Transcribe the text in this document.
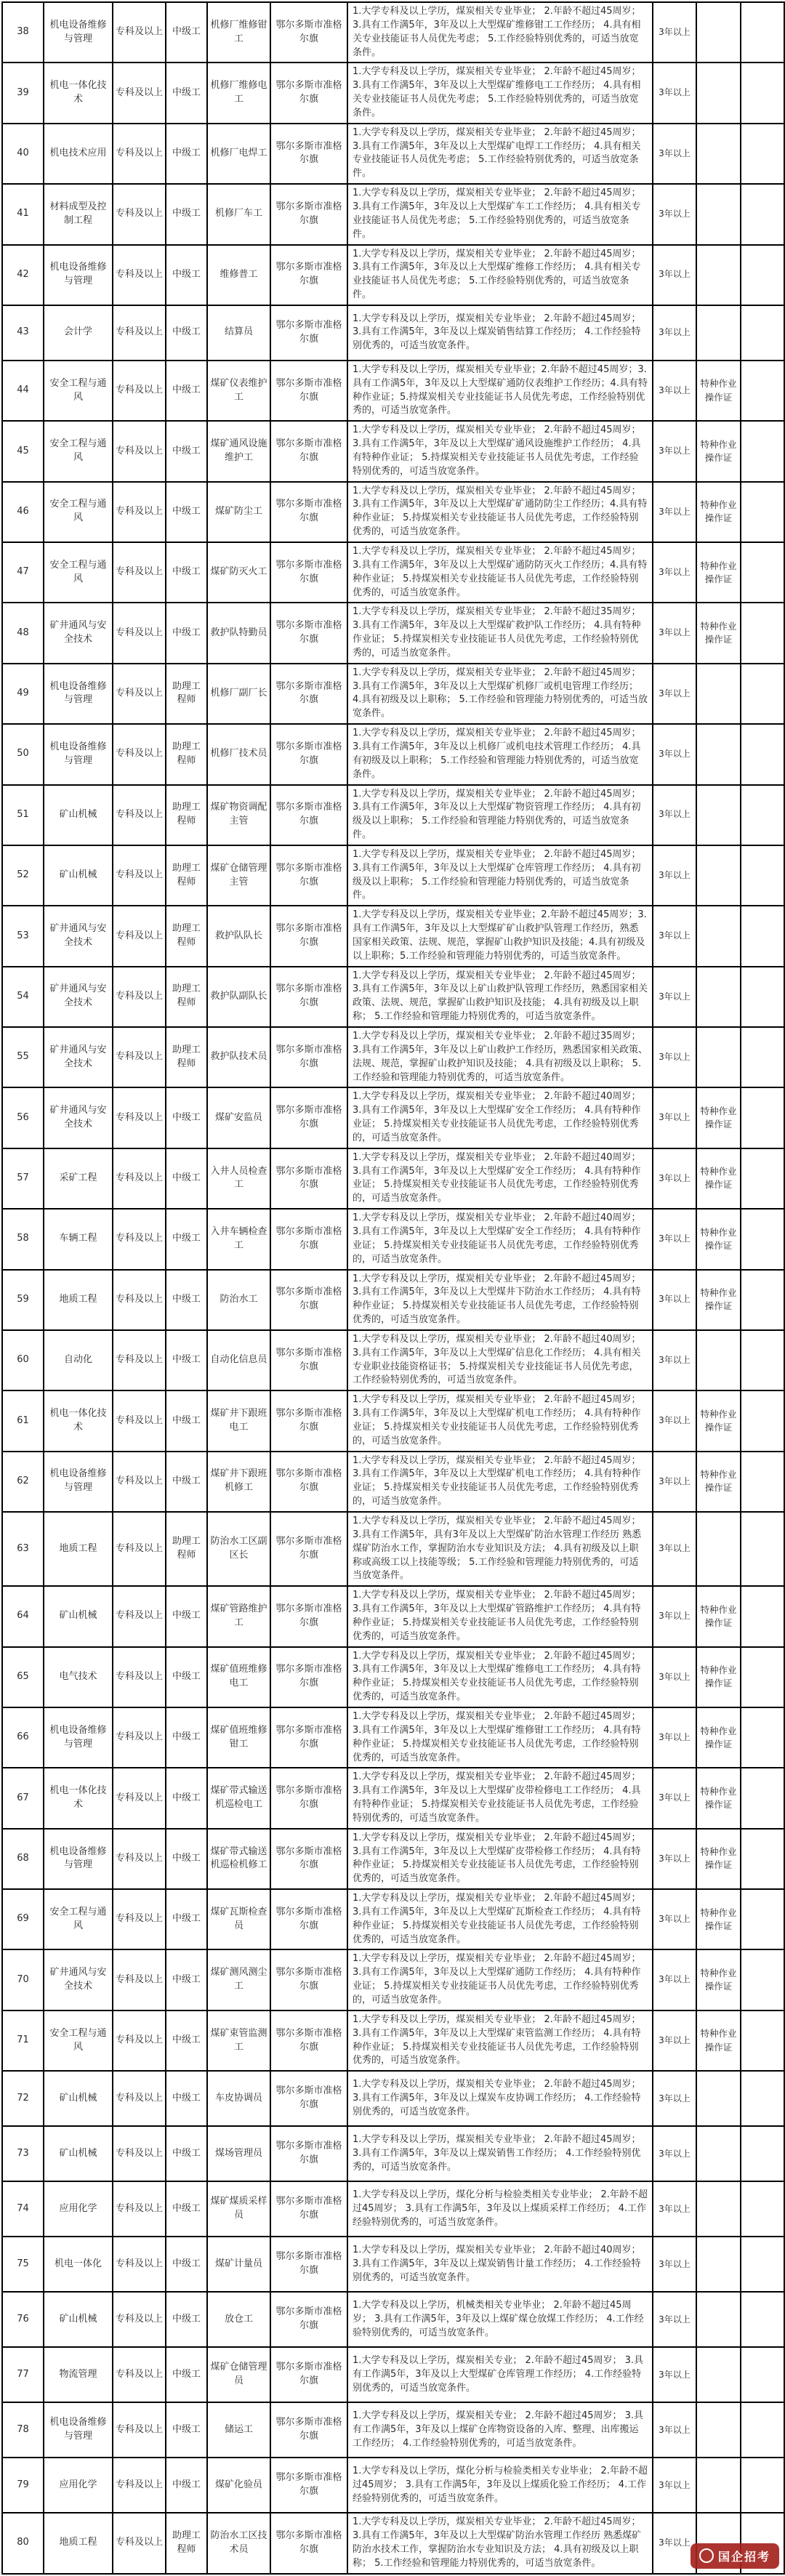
38	机电设备维修与管理	专科及以上	中级工	机修厂维修钳工	鄂尔多斯市准格尔旗	1.大学专科及以上学历，煤炭相关专业毕业； 2.年龄不超过45周岁； 3.具有工作满5年，3年及以上大型煤矿维修钳工工作经历； 4.具有相关专业技能证书人员优先考虑； 5.工作经验特别优秀的，可适当放宽条件。	3年以上		
39	机电一体化技术	专科及以上	中级工	机修厂维修电工	鄂尔多斯市准格尔旗	1.大学专科及以上学历，煤炭相关专业毕业； 2.年龄不超过45周岁； 3.具有工作满5年，3年及以上大型煤矿维修电工工作经历； 4.具有相关专业技能证书人员优先考虑； 5.工作经验特别优秀的，可适当放宽条件。	3年以上		
40	机电技术应用	专科及以上	中级工	机修厂电焊工	鄂尔多斯市准格尔旗	1.大学专科及以上学历，煤炭相关专业毕业； 2.年龄不超过45周岁； 3.具有工作满5年，3年及以上大型煤矿电焊工工作经历； 4.具有相关专业技能证书人员优先考虑； 5.工作经验特别优秀的，可适当放宽条件。	3年以上		
41	材料成型及控制工程	专科及以上	中级工	机修厂车工	鄂尔多斯市准格尔旗	1.大学专科及以上学历，煤炭相关专业毕业； 2.年龄不超过45周岁； 3.具有工作满5年，3年及以上大型煤矿车工工作经历； 4.具有相关专业技能证书人员优先考虑； 5.工作经验特别优秀的，可适当放宽条件。	3年以上		
42	机电设备维修与管理	专科及以上	中级工	维修普工	鄂尔多斯市准格尔旗	1.大学专科及以上学历，煤炭相关专业毕业； 2.年龄不超过45周岁； 3.具有工作满5年，3年及以上大型煤矿维修工作经历； 4.具有相关专业技能证书人员优先考虑； 5.工作经验特别优秀的，可适当放宽条件。	3年以上		
43	会计学	专科及以上	中级工	结算员	鄂尔多斯市准格尔旗	1.大学专科及以上学历，煤炭相关专业毕业； 2.年龄不超过45周岁； 3.具有工作满5年，3年及以上煤炭销售结算工作经历； 4.工作经验特别优秀的，可适当放宽条件。	3年以上		
44	安全工程与通风	专科及以上	中级工	煤矿仪表维护工	鄂尔多斯市准格尔旗	1.大学专科及以上学历，煤炭相关专业毕业；2.年龄不超过45周岁；3.具有工作满5年，3年及以上大型煤矿通防仪表维护工作经历；4.具有特种作业证；5.持煤炭相关专业技能证书人员优先考虑，工作经验特别优秀的，可适当放宽条件。	3年以上	特种作业操作证	
45	安全工程与通风	专科及以上	中级工	煤矿通风设施维护工	鄂尔多斯市准格尔旗	1.大学专科及以上学历，煤炭相关专业毕业； 2.年龄不超过45周岁； 3.具有工作满5年，3年及以上大型煤矿通风设施维护工作经历； 4.具有特种作业证； 5.持煤炭相关专业技能证书人员优先考虑，工作经验特别优秀的，可适当放宽条件。	3年以上	特种作业操作证	
46	安全工程与通风	专科及以上	中级工	煤矿防尘工	鄂尔多斯市准格尔旗	1.大学专科及以上学历，煤炭相关专业毕业； 2.年龄不超过45周岁； 3.具有工作满5年，3年及以上大型煤矿矿通防防尘工作经历；4.具有特种作业证； 5.持煤炭相关专业技能证书人员优先考虑，工作经验特别优秀的，可适当放宽条件。	3年以上	特种作业操作证	
47	安全工程与通风	专科及以上	中级工	煤矿防灭火工	鄂尔多斯市准格尔旗	1.大学专科及以上学历，煤炭相关专业毕业； 2.年龄不超过45周岁； 3.具有工作满5年，3年及以上大型煤矿通防防灭火工作经历；4.具有特种作业证； 5.持煤炭相关专业技能证书人员优先考虑，工作经验特别优秀的，可适当放宽条件。	3年以上	特种作业操作证	
48	矿井通风与安全技术	专科及以上	中级工	救护队特勤员	鄂尔多斯市准格尔旗	1.大学专科及以上学历，煤炭相关专业毕业； 2.年龄不超过35周岁； 3.具有工作满5年，3年及以上大型煤矿救护队工作经历； 4.具有特种作业证； 5.持煤炭相关专业技能证书人员优先考虑，工作经验特别优秀的，可适当放宽条件。	3年以上	特种作业操作证	
49	机电设备维修与管理	专科及以上	助理工程师	机修厂副厂长	鄂尔多斯市准格尔旗	1.大学专科及以上学历，煤炭相关专业毕业； 2.年龄不超过45周岁； 3.具有工作满5年，3年及以上大型煤矿机修厂或机电管理工作经历； 4.具有初级及以上职称； 5.工作经验和管理能力特别优秀的，可适当放宽条件。	3年以上		
50	机电设备维修与管理	专科及以上	助理工程师	机修厂技术员	鄂尔多斯市准格尔旗	1.大学专科及以上学历，煤炭相关专业毕业； 2.年龄不超过45周岁； 3.具有工作满5年，3年及以上机修厂或机电技术管理工作经历； 4.具有初级及以上职称； 5.工作经验和管理能力特别优秀的，可适当放宽条件。	3年以上		
51	矿山机械	专科及以上	助理工程师	煤矿物资调配主管	鄂尔多斯市准格尔旗	1.大学专科及以上学历，煤炭相关专业毕业； 2.年龄不超过45周岁； 3.具有工作满5年，3年及以上大型煤矿物资管理工作经历； 4.具有初级及以上职称； 5.工作经验和管理能力特别优秀的，可适当放宽条件。	3年以上		
52	矿山机械	专科及以上	助理工程师	煤矿仓储管理主管	鄂尔多斯市准格尔旗	1.大学专科及以上学历，煤炭相关专业毕业； 2.年龄不超过45周岁； 3.具有工作满5年，3年及以上大型煤矿仓库管理工作经历； 4.具有初级及以上职称； 5.工作经验和管理能力特别优秀的，可适当放宽条件。	3年以上		
53	矿井通风与安全技术	专科及以上	助理工程师	救护队队长	鄂尔多斯市准格尔旗	1.大学专科及以上学历，煤炭相关专业毕业；2.年龄不超过45周岁；3.具有工作满5年，3年及以上大型煤矿矿山救护队管理工作经历，熟悉国家相关政策、法规、规范，掌握矿山救护知识及技能；4.具有初级及以上职称；5.工作经验和管理能力特别优秀的，可适当放宽条件。	3年以上		
54	矿井通风与安全技术	专科及以上	助理工程师	救护队副队长	鄂尔多斯市准格尔旗	1.大学专科及以上学历，煤炭相关专业毕业； 2.年龄不超过45周岁； 3.具有工作满5年，3年及以上矿山救护队管理工作经历，熟悉国家相关政策、法规、规范，掌握矿山救护知识及技能； 4.具有初级及以上职称； 5.工作经验和管理能力特别优秀的，可适当放宽条件。	3年以上		
55	矿井通风与安全技术	专科及以上	助理工程师	救护队技术员	鄂尔多斯市准格尔旗	1.大学专科及以上学历，煤炭相关专业毕业； 2.年龄不超过35周岁； 3.具有工作满5年，3年及以上矿山救护工作经历，熟悉国家相关政策、法规、规范，掌握矿山救护知识及技能； 4.具有初级及以上职称； 5.工作经验和管理能力特别优秀的，可适当放宽条件。	3年以上		
56	矿井通风与安全技术	专科及以上	中级工	煤矿安监员	鄂尔多斯市准格尔旗	1.大学专科及以上学历，煤炭相关专业毕业； 2.年龄不超过40周岁； 3.具有工作满5年，3年及以上大型煤矿安全工作经历； 4.具有特种作业证； 5.持煤炭相关专业技能证书人员优先考虑，工作经验特别优秀的，可适当放宽条件。	3年以上	特种作业操作证	
57	采矿工程	专科及以上	中级工	入井人员检查工	鄂尔多斯市准格尔旗	1.大学专科及以上学历，煤炭相关专业毕业； 2.年龄不超过40周岁； 3.具有工作满5年，3年及以上大型煤矿安全工作经历； 4.具有特种作业证； 5.持煤炭相关专业技能证书人员优先考虑，工作经验特别优秀的，可适当放宽条件。	3年以上	特种作业操作证	
58	车辆工程	专科及以上	中级工	入井车辆检查工	鄂尔多斯市准格尔旗	1.大学专科及以上学历，煤炭相关专业毕业； 2.年龄不超过40周岁； 3.具有工作满5年，3年及以上大型煤矿安全工作经历； 4.具有特种作业证； 5.持煤炭相关专业技能证书人员优先考虑，工作经验特别优秀的，可适当放宽条件。	3年以上	特种作业操作证	
59	地质工程	专科及以上	中级工	防治水工	鄂尔多斯市准格尔旗	1.大学专科及以上学历，煤炭相关专业毕业； 2.年龄不超过45周岁； 3.具有工作满5年，3年及以上大型煤井下防治水工作经历； 4.具有特种作业证； 5.持煤炭相关专业技能证书人员优先考虑，工作经验特别优秀的，可适当放宽条件。	3年以上	特种作业操作证	
60	自动化	专科及以上	中级工	自动化信息员	鄂尔多斯市准格尔旗	1.大学专科及以上学历，煤炭相关专业毕业； 2.年龄不超过40周岁； 3.具有工作满5年，3年及以上大型煤矿信息化工作经历； 4.具有相关专业职业技能资格证书； 5.持煤炭相关专业技能证书人员优先考虑，工作经验特别优秀的，可适当放宽条件。	3年以上		
61	机电一体化技术	专科及以上	中级工	煤矿井下跟班电工	鄂尔多斯市准格尔旗	1.大学专科及以上学历，煤炭相关专业毕业； 2.年龄不超过45周岁； 3.具有工作满5年，3年及以上大型煤矿机电工作经历； 4.具有特种作业证； 5.持煤炭相关专业技能证书人员优先考虑，工作经验特别优秀的，可适当放宽条件。	3年以上	特种作业操作证	
62	机电设备维修与管理	专科及以上	中级工	煤矿井下跟班机修工	鄂尔多斯市准格尔旗	1.大学专科及以上学历，煤炭相关专业毕业； 2.年龄不超过45周岁； 3.具有工作满5年，3年及以上大型煤矿机电工作经历； 4.具有特种作业证； 5.持煤炭相关专业技能证书人员优先考虑，工作经验特别优秀的，可适当放宽条件。	3年以上	特种作业操作证	
63	地质工程	专科及以上	助理工程师	防治水工区副区长	鄂尔多斯市准格尔旗	1.大学专科及以上学历，煤炭相关专业毕业； 2.年龄不超过45周岁； 3.具有工作满5年，具有3年及以上大型煤矿防治水管理工作经历 熟悉煤矿防治水工作，掌握防治水专业知识及方法； 4.具有初级及以上职称或高级工以上技能等级； 5.工作经验和管理能力特别优秀的，可适当放宽条件。	3年以上		
64	矿山机械	专科及以上	中级工	煤矿管路维护工	鄂尔多斯市准格尔旗	1.大学专科及以上学历，煤炭相关专业毕业； 2.年龄不超过45周岁； 3.具有工作满5年，3年及以上大型煤矿管路维护工作经历； 4.具有特种作业证； 5.持煤炭相关专业技能证书人员优先考虑，工作经验特别优秀的，可适当放宽条件。	3年以上	特种作业操作证	
65	电气技术	专科及以上	中级工	煤矿值班维修电工	鄂尔多斯市准格尔旗	1.大学专科及以上学历，煤炭相关专业毕业； 2.年龄不超过45周岁； 3.具有工作满5年，3年及以上大型煤矿维修电工工作经历； 4.具有特种作业证； 5.持煤炭相关专业技能证书人员优先考虑，工作经验特别优秀的，可适当放宽条件。	3年以上	特种作业操作证	
66	机电设备维修与管理	专科及以上	中级工	煤矿值班维修钳工	鄂尔多斯市准格尔旗	1.大学专科及以上学历，煤炭相关专业毕业； 2.年龄不超过45周岁； 3.具有工作满5年，3年及以上大型煤矿维修钳工工作经历； 4.具有特种作业证； 5.持煤炭相关专业技能证书人员优先考虑，工作经验特别优秀的，可适当放宽条件。	3年以上	特种作业操作证	
67	机电一体化技术	专科及以上	中级工	煤矿带式输送机巡检电工	鄂尔多斯市准格尔旗	1.大学专科及以上学历，煤炭相关专业毕业； 2.年龄不超过45周岁； 3.具有工作满5年，3年及以上大型煤矿皮带检修电工工作经历； 4.具有特种作业证； 5.持煤炭相关专业技能证书人员优先考虑，工作经验特别优秀的，可适当放宽条件。	3年以上	特种作业操作证	
68	机电设备维修与管理	专科及以上	中级工	煤矿带式输送机巡检机修工	鄂尔多斯市准格尔旗	1.大学专科及以上学历，煤炭相关专业毕业； 2.年龄不超过45周岁； 3.具有工作满5年，3年及以上大型煤矿皮带检修工作经历； 4.具有特种作业证； 5.持煤炭相关专业技能证书人员优先考虑，工作经验特别优秀的，可适当放宽条件。	3年以上	特种作业操作证	
69	安全工程与通风	专科及以上	中级工	煤矿瓦斯检查员	鄂尔多斯市准格尔旗	1.大学专科及以上学历，煤炭相关专业毕业； 2.年龄不超过45周岁； 3.具有工作满5年，3年及以上大型煤矿瓦斯检查工作经历； 4.具有特种作业证； 5.持煤炭相关专业技能证书人员优先考虑，工作经验特别优秀的，可适当放宽条件。	3年以上	特种作业操作证	
70	矿井通风与安全技术	专科及以上	中级工	煤矿测风测尘工	鄂尔多斯市准格尔旗	1.大学专科及以上学历，煤炭相关专业毕业； 2.年龄不超过45周岁； 3.具有工作满5年，3年及以上大型煤矿通防工作经历； 4.具有特种作业证； 5.持煤炭相关专业技能证书人员优先考虑，工作经验特别优秀的，可适当放宽条件。	3年以上	特种作业操作证	
71	安全工程与通风	专科及以上	中级工	煤矿束管监测工	鄂尔多斯市准格尔旗	1.大学专科及以上学历，煤炭相关专业毕业； 2.年龄不超过45周岁； 3.具有工作满5年，3年及以上大型煤矿束管监测工作经历； 4.具有特种作业证； 5.持煤炭相关专业技能证书人员优先考虑，工作经验特别优秀的，可适当放宽条件。	3年以上	特种作业操作证	
72	矿山机械	专科及以上	中级工	车皮协调员	鄂尔多斯市准格尔旗	1.大学专科及以上学历，煤炭相关专业毕业； 2.年龄不超过45周岁； 3.具有工作满5年，3年及以上煤炭车皮协调工作经历； 4.工作经验特别优秀的，可适当放宽条件。	3年以上		
73	矿山机械	专科及以上	中级工	煤场管理员	鄂尔多斯市准格尔旗	1.大学专科及以上学历，煤炭相关专业毕业； 2.年龄不超过45周岁； 3.具有工作满5年，3年及以上煤炭销售工作经历； 4.工作经验特别优秀的，可适当放宽条件。	3年以上		
74	应用化学	专科及以上	中级工	煤矿煤质采样员	鄂尔多斯市准格尔旗	1.大学专科及以上学历，煤化分析与检验类相关专业毕业； 2.年龄不超过45周岁； 3.具有工作满5年，3年及以上煤质采样工作经历； 4.工作经验特别优秀的，可适当放宽条件。	3年以上		
75	机电一体化	专科及以上	中级工	煤矿计量员	鄂尔多斯市准格尔旗	1.大学专科及以上学历，煤炭相关专业毕业； 2.年龄不超过40周岁； 3.具有工作满5年，3年及以上煤炭销售计量工作经历； 4.工作经验特别优秀的，可适当放宽条件。	3年以上		
76	矿山机械	专科及以上	中级工	放仓工	鄂尔多斯市准格尔旗	1.大学专科及以上学历，机械类相关专业毕业； 2.年龄不超过45周岁； 3.具有工作满5年，3年及以上煤矿煤仓放煤工作经历； 4.工作经验特别优秀的，可适当放宽条件。	3年以上		
77	物流管理	专科及以上	中级工	煤矿仓储管理员	鄂尔多斯市准格尔旗	1.大学专科及以上学历，煤炭相关专业； 2.年龄不超过45周岁； 3.具有工作满5年，3年及以上大型煤矿仓库管理工作经历； 4.工作经验特别优秀的，可适当放宽条件。	3年以上		
78	机电设备维修与管理	专科及以上	中级工	储运工	鄂尔多斯市准格尔旗	1.大学专科及以上学历，煤炭相关专业； 2.年龄不超过45周岁； 3.具有工作满5年，3年及以上煤矿仓库物资设备的入库、整理、出库搬运工作经历； 4.工作经验特别优秀的，可适当放宽条件。	3年以上		
79	应用化学	专科及以上	中级工	煤矿化验员	鄂尔多斯市准格尔旗	1.大学专科及以上学历，煤化分析与检验类相关专业毕业； 2.年龄不超过45周岁； 3.具有工作满5年，3年及以上煤质化验工作经历； 4.工作经验特别优秀的，可适当放宽条件。	3年以上		
80	地质工程	专科及以上	助理工程师	防治水工区技术员	鄂尔多斯市准格尔旗	1.大学专科及以上学历，煤炭相关专业毕业； 2.年龄不超过45周岁； 3.具有工作满5年，3年及以上大型煤矿防治水管理工作经历 熟悉煤矿防治水技术工作，掌握防治水专业知识及方法； 4.具有初级及以上职称； 5.工作经验和管理能力特别优秀的，可适当放宽条件。	3年以上		
国企招考
